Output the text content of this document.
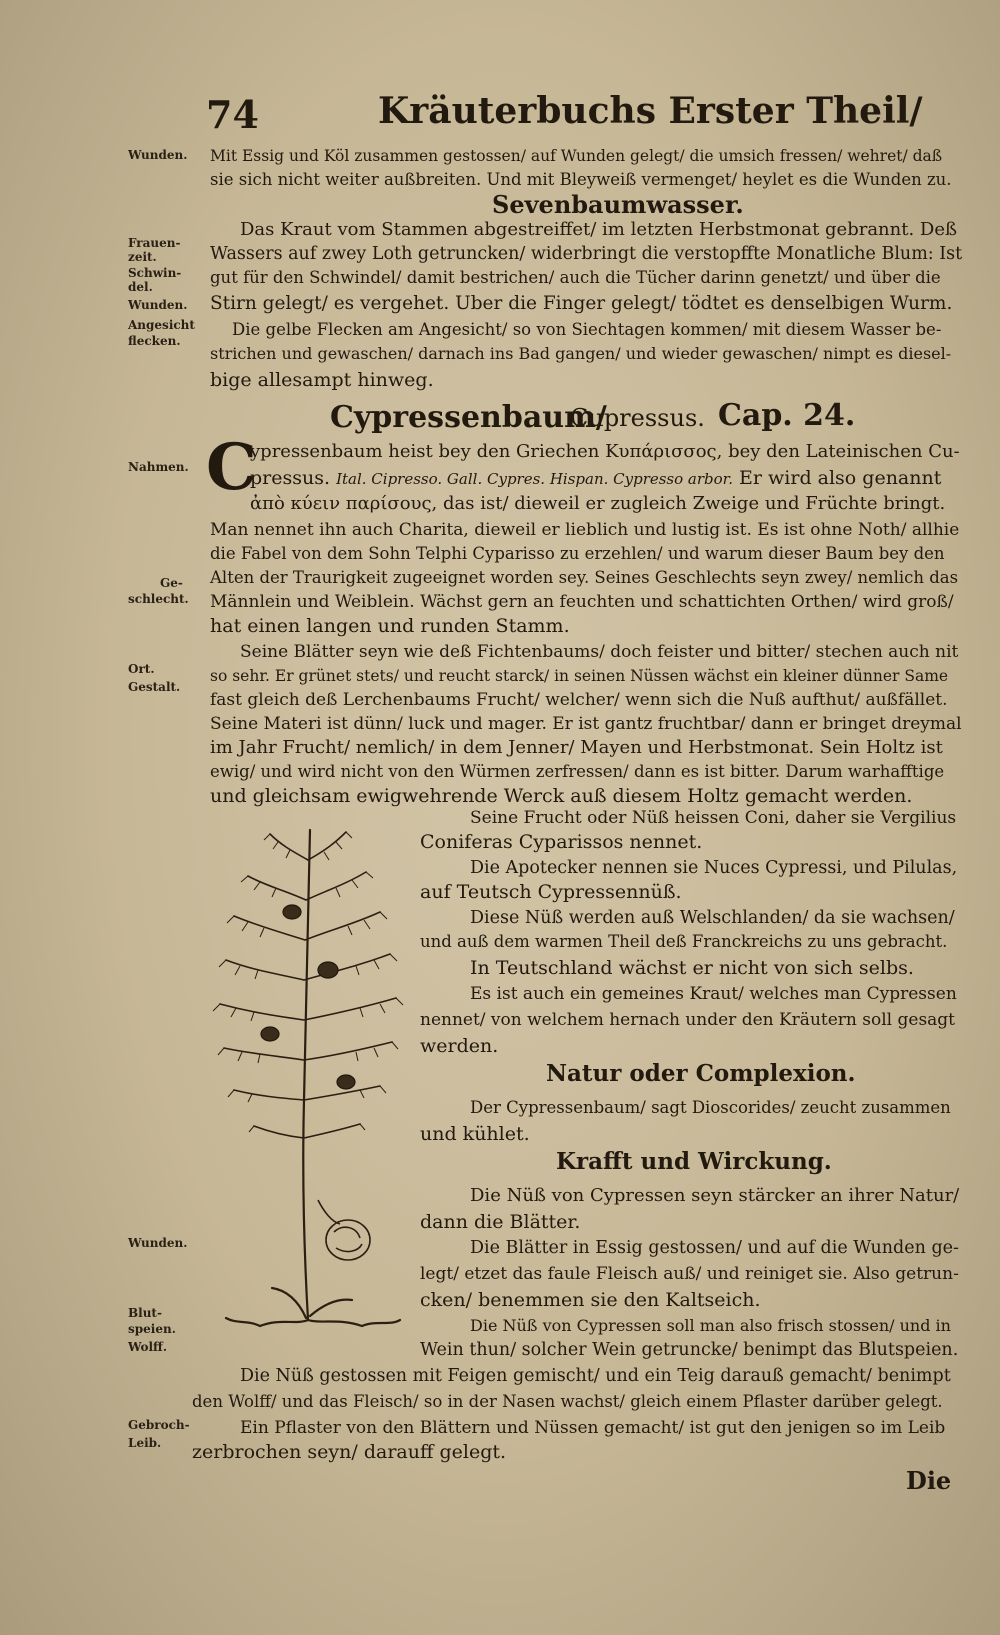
74	Kräuterbuchs Erster Theil/
Wunden.
Frauen-
zeit.
Schwin-
del.
Wunden.
Angesicht
flecken.
Nahmen.
Ge-
schlecht.
Ort.
Gestalt.
Wunden.
Blut-
speien.
Wolff.
Gebroch-
Leib.
Mit Essig und Köl zusammen gestossen/ auf Wunden gelegt/ die umsich fressen/ wehret/ daß
sie sich nicht weiter außbreiten. Und mit Bleyweiß vermenget/ heylet es die Wunden zu.
Sevenbaumwasser.
Das Kraut vom Stammen abgestreiffet/ im letzten Herbstmonat gebrannt. Deß
Wassers auf zwey Loth getruncken/ widerbringt die verstopffte Monatliche Blum: Ist
gut für den Schwindel/ damit bestrichen/ auch die Tücher darinn genetzt/ und über die
Stirn gelegt/ es vergehet. Uber die Finger gelegt/ tödtet es denselbigen Wurm.
Die gelbe Flecken am Angesicht/ so von Siechtagen kommen/ mit diesem Wasser be-
strichen und gewaschen/ darnach ins Bad gangen/ und wieder gewaschen/ nimpt es diesel-
bige allesampt hinweg.
Cypressenbaum/
Cupressus. Cap. 24.
C
ypressenbaum heist bey den Griechen Κυπάρισσος, bey den Lateinischen Cu-
pressus. Ital. Cipresso. Gall. Cypres. Hispan. Cypresso arbor. Er wird also genannt
ἀπὸ κύειν παρίσους, das ist/ dieweil er zugleich Zweige und Früchte bringt.
Man nennet ihn auch Charita, dieweil er lieblich und lustig ist. Es ist ohne Noth/ allhie
die Fabel von dem Sohn Telphi Cyparisso zu erzehlen/ und warum dieser Baum bey den
Alten der Traurigkeit zugeeignet worden sey. Seines Geschlechts seyn zwey/ nemlich das
Männlein und Weiblein. Wächst gern an feuchten und schattichten Orthen/ wird groß/
hat einen langen und runden Stamm.
Seine Blätter seyn wie deß Fichtenbaums/ doch feister und bitter/ stechen auch nit
so sehr. Er grünet stets/ und reucht starck/ in seinen Nüssen wächst ein kleiner dünner Same
fast gleich deß Lerchenbaums Frucht/ welcher/ wenn sich die Nuß aufthut/ außfället.
Seine Materi ist dünn/ luck und mager. Er ist gantz fruchtbar/ dann er bringet dreymal
im Jahr Frucht/ nemlich/ in dem Jenner/ Mayen und Herbstmonat. Sein Holtz ist
ewig/ und wird nicht von den Würmen zerfressen/ dann es ist bitter. Darum warhafftige
und gleichsam ewigwehrende Werck auß diesem Holtz gemacht werden.
Seine Frucht oder Nüß heissen Coni, daher sie Vergilius
Coniferas Cyparissos nennet.
Die Apotecker nennen sie Nuces Cypressi, und Pilulas,
auf Teutsch Cypressennüß.
Diese Nüß werden auß Welschlanden/ da sie wachsen/
und auß dem warmen Theil deß Franckreichs zu uns gebracht.
In Teutschland wächst er nicht von sich selbs.
Es ist auch ein gemeines Kraut/ welches man Cypressen
nennet/ von welchem hernach under den Kräutern soll gesagt
werden.
Natur oder Complexion.
Der Cypressenbaum/ sagt Dioscorides/ zeucht zusammen
und kühlet.
Krafft und Wirckung.
Die Nüß von Cypressen seyn stärcker an ihrer Natur/
dann die Blätter.
Die Blätter in Essig gestossen/ und auf die Wunden ge-
legt/ etzet das faule Fleisch auß/ und reiniget sie. Also getrun-
cken/ benemmen sie den Kaltseich.
Die Nüß von Cypressen soll man also frisch stossen/ und in
Wein thun/ solcher Wein getruncke/ benimpt das Blutspeien.
Die Nüß gestossen mit Feigen gemischt/ und ein Teig darauß gemacht/ benimpt
den Wolff/ und das Fleisch/ so in der Nasen wachst/ gleich einem Pflaster darüber gelegt.
Ein Pflaster von den Blättern und Nüssen gemacht/ ist gut den jenigen so im Leib
zerbrochen seyn/ darauff gelegt.
Die
